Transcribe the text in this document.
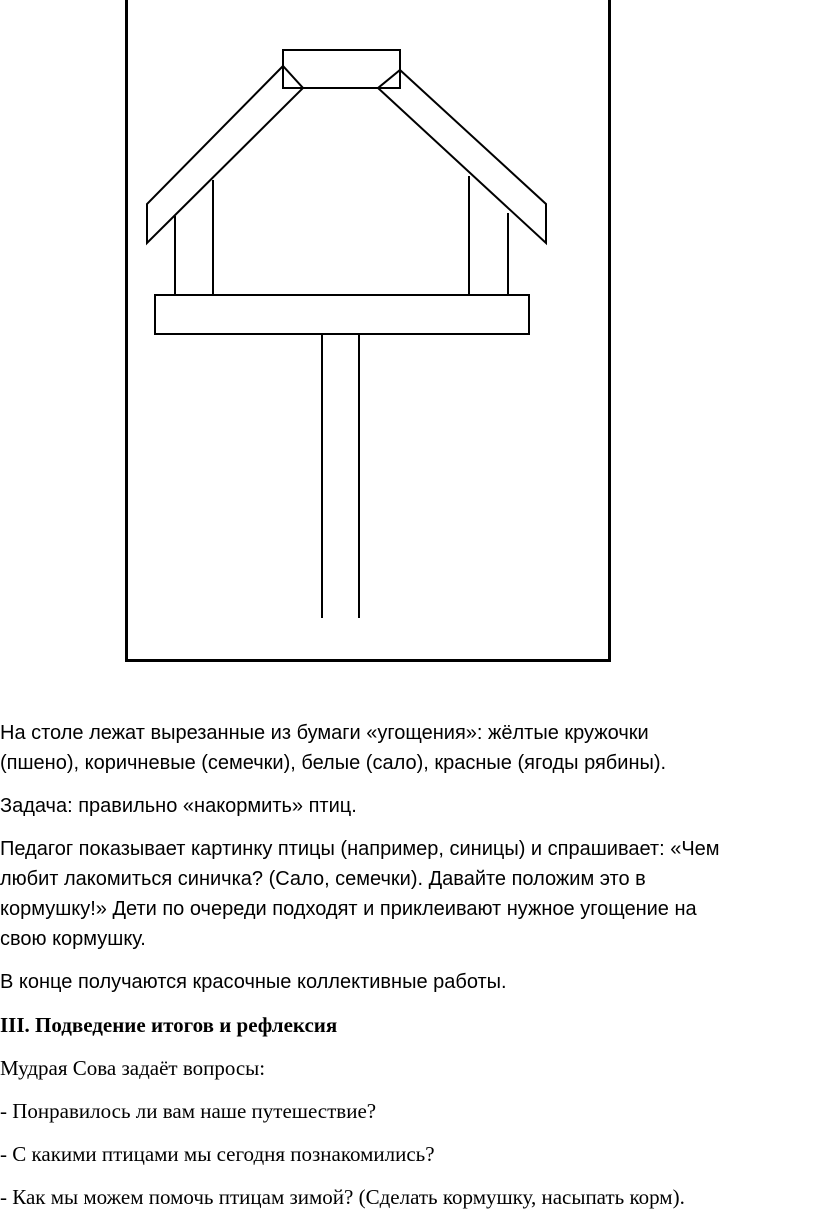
На столе лежат вырезанные из бумаги «угощения»: жёлтые кружочки

(пшено), коричневые (семечки), белые (сало), красные (ягоды рябины).

Задача: правильно «накормить» птиц.

Педагог показывает картинку птицы (например, синицы) и спрашивает: «Чем

любит лакомиться синичка? (Сало, семечки). Давайте положим это в

кормушку!» Дети по очереди подходят и приклеивают нужное угощение на

свою кормушку.

В конце получаются красочные коллективные работы.

III. Подведение итогов и рефлексия

Мудрая Сова задаёт вопросы:

- Понравилось ли вам наше путешествие?

- С какими птицами мы сегодня познакомились?

- Как мы можем помочь птицам зимой? (Сделать кормушку, насыпать корм).
